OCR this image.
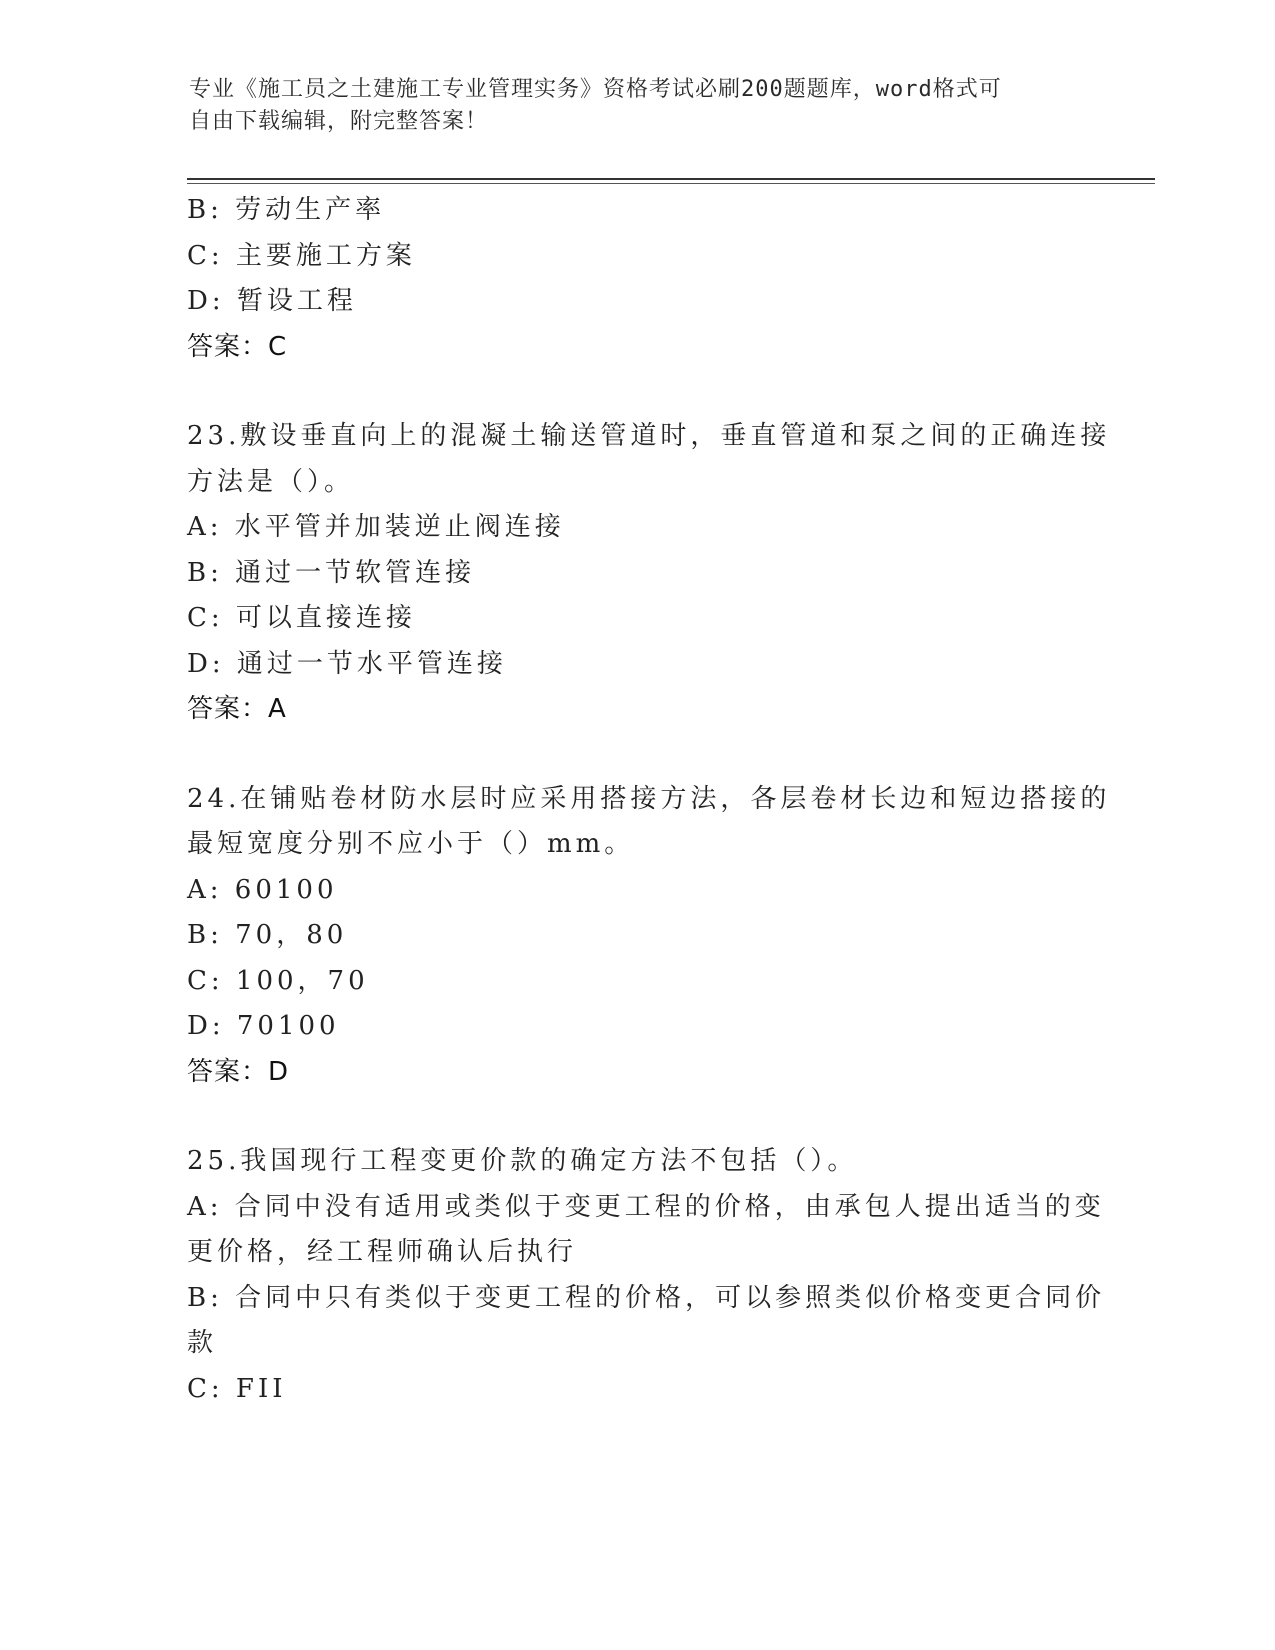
专业《施工员之土建施工专业管理实务》资格考试必刷200题题库，word格式可
自由下载编辑，附完整答案！
B: 劳动生产率
C: 主要施工方案
D: 暂设工程
答案：C
23.敷设垂直向上的混凝土输送管道时，垂直管道和泵之间的正确连接
方法是（）。
A: 水平管并加装逆止阀连接
B: 通过一节软管连接
C: 可以直接连接
D: 通过一节水平管连接
答案：A
24.在铺贴卷材防水层时应采用搭接方法，各层卷材长边和短边搭接的
最短宽度分别不应小于（）mm。
A: 60100
B: 70，80
C: 100，70
D: 70100
答案：D
25.我国现行工程变更价款的确定方法不包括（）。
A: 合同中没有适用或类似于变更工程的价格，由承包人提出适当的变
更价格，经工程师确认后执行
B: 合同中只有类似于变更工程的价格，可以参照类似价格变更合同价
款
C: FII
